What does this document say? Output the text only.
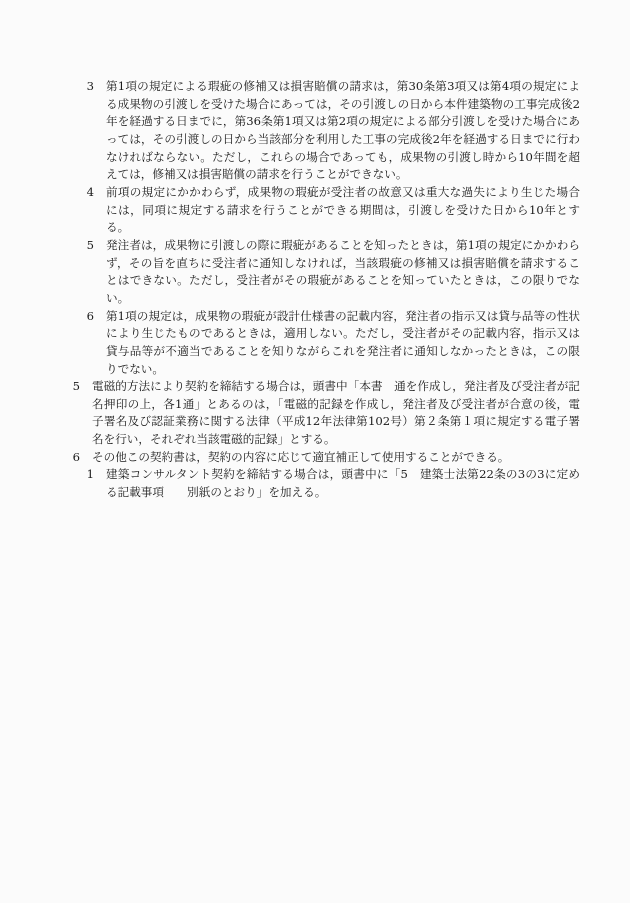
3	第1項の規定による瑕疵の修補又は損害賠償の請求は，第30条第3項又は第4項の規定による成果物の引渡しを受けた場合にあっては，その引渡しの日から本件建築物の工事完成後2年を経過する日までに，第36条第1項又は第2項の規定による部分引渡しを受けた場合にあっては，その引渡しの日から当該部分を利用した工事の完成後2年を経過する日までに行わなければならない。ただし，これらの場合であっても，成果物の引渡し時から10年間を超えては，修補又は損害賠償の請求を行うことができない。
4	前項の規定にかかわらず，成果物の瑕疵が受注者の故意又は重大な過失により生じた場合には，同項に規定する請求を行うことができる期間は，引渡しを受けた日から10年とする。
5	発注者は，成果物に引渡しの際に瑕疵があることを知ったときは，第1項の規定にかかわらず，その旨を直ちに受注者に通知しなければ，当該瑕疵の修補又は損害賠償を請求することはできない。ただし，受注者がその瑕疵があることを知っていたときは，この限りでない。
6	第1項の規定は，成果物の瑕疵が設計仕様書の記載内容，発注者の指示又は貸与品等の性状により生じたものであるときは，適用しない。ただし，受注者がその記載内容，指示又は貸与品等が不適当であることを知りながらこれを発注者に通知しなかったときは，この限りでない。
5	電磁的方法により契約を締結する場合は，頭書中「本書　通を作成し，発注者及び受注者が記名押印の上，各1通」とあるのは，「電磁的記録を作成し，発注者及び受注者が合意の後，電子署名及び認証業務に関する法律（平成12年法律第102号）第２条第１項に規定する電子署名を行い，それぞれ当該電磁的記録」とする。
6	その他この契約書は，契約の内容に応じて適宜補正して使用することができる。
1	建築コンサルタント契約を締結する場合は，頭書中に「5　建築士法第22条の3の3に定める記載事項　　別紙のとおり」を加える。
